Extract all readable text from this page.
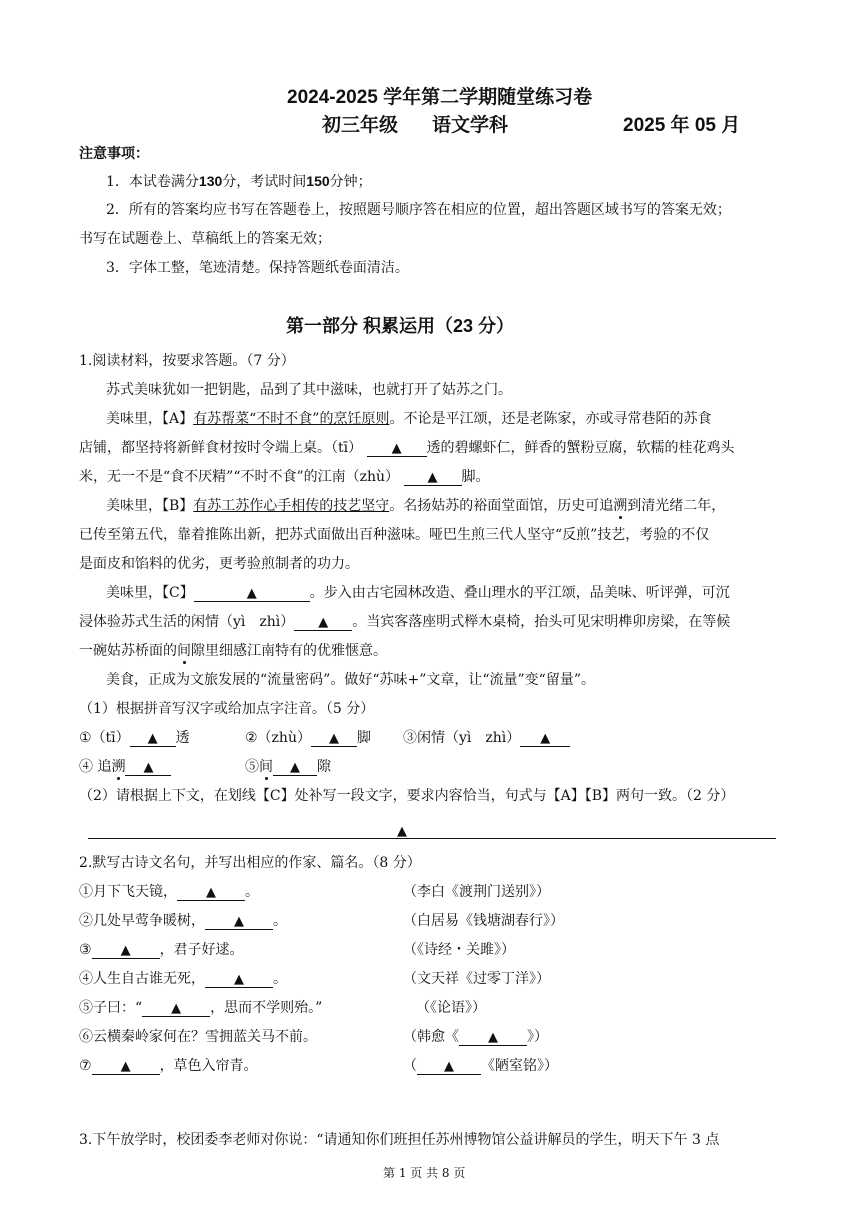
2024-2025 学年第二学期随堂练习卷
初三年级 语文学科	2025 年 05 月
注意事项：
1．本试卷满分130分，考试时间150分钟；
2．所有的答案均应书写在答题卷上，按照题号顺序答在相应的位置，超出答题区域书写的答案无效；
书写在试题卷上、草稿纸上的答案无效；
3．字体工整，笔迹清楚。保持答题纸卷面清洁。
第一部分 积累运用（23 分）
1.阅读材料，按要求答题。（7 分）
苏式美味犹如一把钥匙，品到了其中滋味，也就打开了姑苏之门。
美味里，【A】有苏帮菜“不时不食”的烹饪原则。不论是平江颂，还是老陈家，亦或寻常巷陌的苏食
店铺，都坚持将新鲜食材按时令端上桌。（tī） ▲ 透的碧螺虾仁，鲜香的蟹粉豆腐，软糯的桂花鸡头
米，无一不是“食不厌精”“不时不食”的江南（zhù） ▲ 脚。
美味里，【B】有苏工苏作心手相传的技艺坚守。名扬姑苏的裕面堂面馆，历史可追溯到清光绪二年，
已传至第五代，靠着推陈出新，把苏式面做出百种滋味。哑巴生煎三代人坚守“反煎”技艺，考验的不仅
是面皮和馅料的优劣，更考验煎制者的功力。
美味里，【C】	▲	。步入由古宅园林改造、叠山理水的平江颂，品美味、听评弹，可沉
浸体验苏式生活的闲情（yì　zhì） ▲ 。当宾客落座明式榉木桌椅，抬头可见宋明榫卯房梁，在等候
一碗姑苏桥面的间隙里细感江南特有的优雅惬意。
美食，正成为文旅发展的“流量密码”。做好“苏味+”文章，让“流量”变“留量”。
（1）根据拼音写汉字或给加点字注音。（5 分）
①（tī） ▲ 透	②（zhù） ▲ 脚 ③闲情（yì　zhì） ▲
④ 追溯 ▲	⑤间 ▲ 隙
（2）请根据上下文，在划线【C】处补写一段文字，要求内容恰当，句式与【A】【B】两句一致。（2 分）
▲
2.默写古诗文名句，并写出相应的作家、篇名。（8 分）
①月下飞天镜， ▲ 。	（李白《渡荆门送别》）
②几处早莺争暖树， ▲ 。	（白居易《钱塘湖春行》）
③ ▲ ，君子好逑。	（《诗经・关雎》）
④人生自古谁无死， ▲ 。	（文天祥《过零丁洋》）
⑤子曰：“ ▲ ，思而不学则殆。”	（《论语》）
⑥云横秦岭家何在？雪拥蓝关马不前。	（韩愈《 ▲ 》）
⑦ ▲ ，草色入帘青。	（ ▲ 《陋室铭》）
3.下午放学时，校团委李老师对你说：“请通知你们班担任苏州博物馆公益讲解员的学生，明天下午 3 点
第 1 页 共 8 页
